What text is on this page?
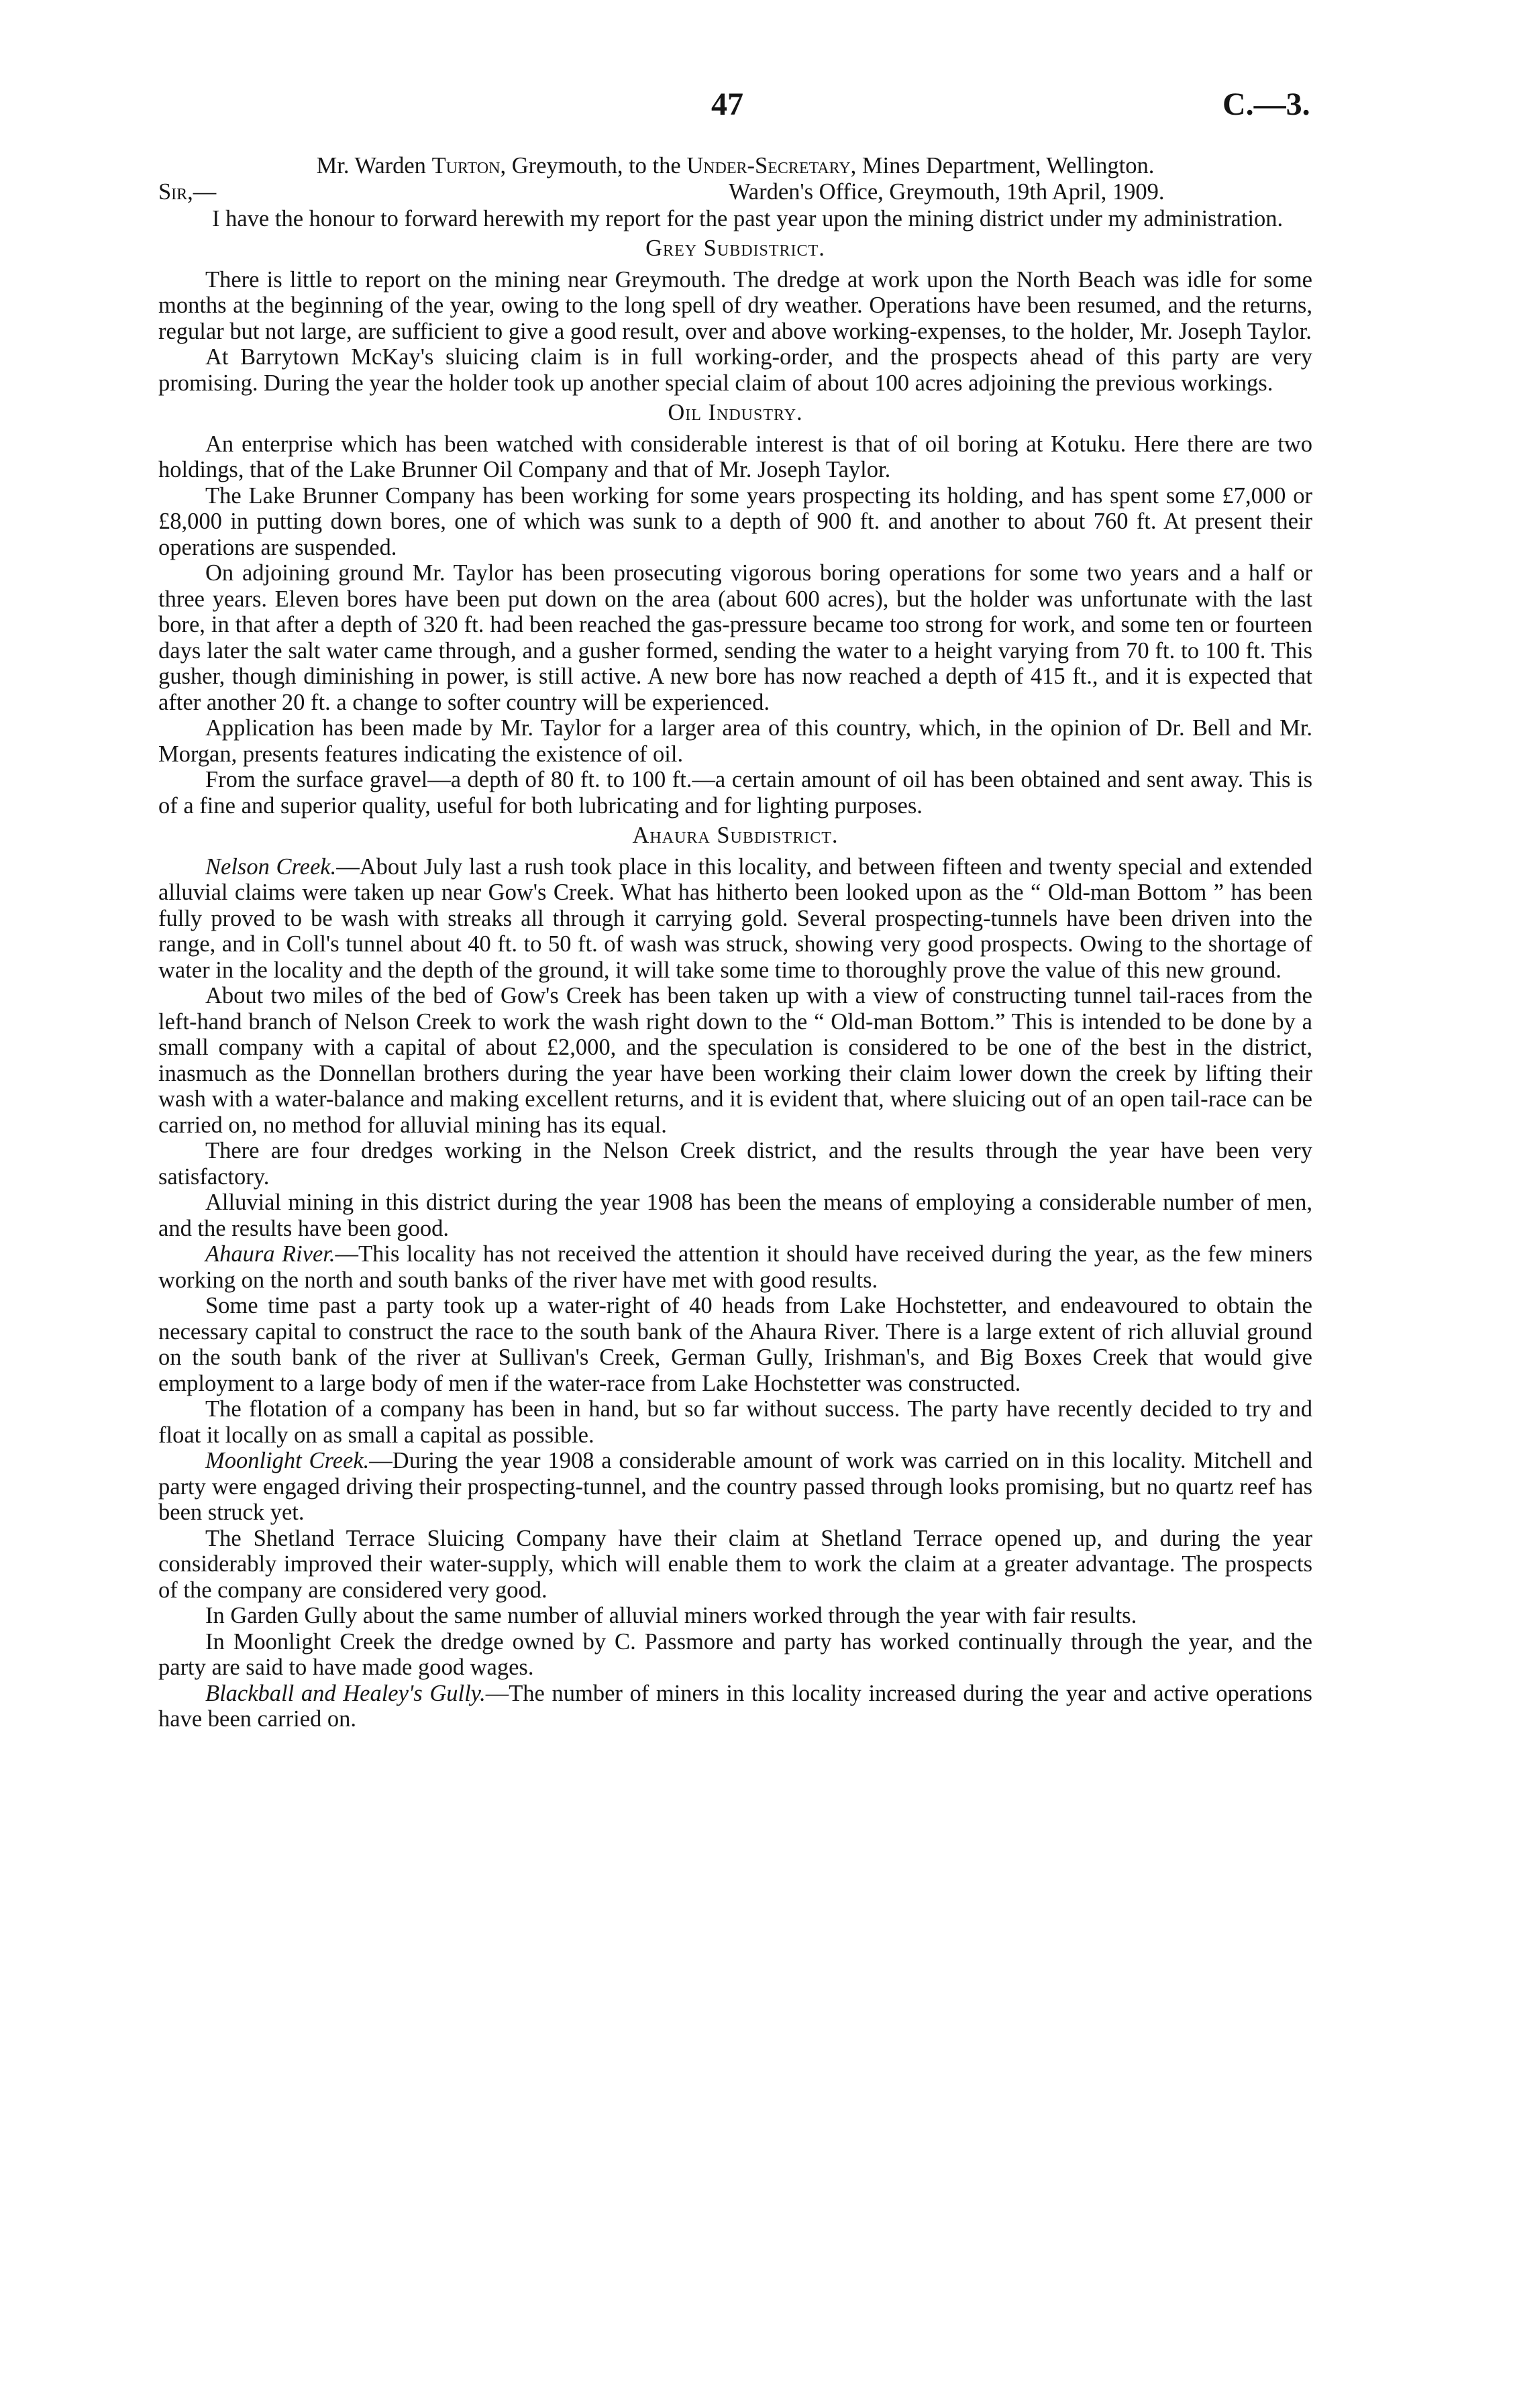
47	C.—3.

Mr. Warden Turton, Greymouth, to the Under-Secretary, Mines Department, Wellington.

Sir,—	Warden's Office, Greymouth, 19th April, 1909.

I have the honour to forward herewith my report for the past year upon the mining district under my administration.

Grey Subdistrict.

There is little to report on the mining near Greymouth. The dredge at work upon the North Beach was idle for some months at the beginning of the year, owing to the long spell of dry weather. Operations have been resumed, and the returns, regular but not large, are sufficient to give a good result, over and above working-expenses, to the holder, Mr. Joseph Taylor.

At Barrytown McKay's sluicing claim is in full working-order, and the prospects ahead of this party are very promising. During the year the holder took up another special claim of about 100 acres adjoining the previous workings.

Oil Industry.

An enterprise which has been watched with considerable interest is that of oil boring at Kotuku. Here there are two holdings, that of the Lake Brunner Oil Company and that of Mr. Joseph Taylor.

The Lake Brunner Company has been working for some years prospecting its holding, and has spent some £7,000 or £8,000 in putting down bores, one of which was sunk to a depth of 900 ft. and another to about 760 ft. At present their operations are suspended.

On adjoining ground Mr. Taylor has been prosecuting vigorous boring operations for some two years and a half or three years. Eleven bores have been put down on the area (about 600 acres), but the holder was unfortunate with the last bore, in that after a depth of 320 ft. had been reached the gas-pressure became too strong for work, and some ten or fourteen days later the salt water came through, and a gusher formed, sending the water to a height varying from 70 ft. to 100 ft. This gusher, though diminishing in power, is still active. A new bore has now reached a depth of 415 ft., and it is expected that after another 20 ft. a change to softer country will be experienced.

Application has been made by Mr. Taylor for a larger area of this country, which, in the opinion of Dr. Bell and Mr. Morgan, presents features indicating the existence of oil.

From the surface gravel—a depth of 80 ft. to 100 ft.—a certain amount of oil has been obtained and sent away. This is of a fine and superior quality, useful for both lubricating and for lighting purposes.

Ahaura Subdistrict.

Nelson Creek.—About July last a rush took place in this locality, and between fifteen and twenty special and extended alluvial claims were taken up near Gow's Creek. What has hitherto been looked upon as the “ Old-man Bottom ” has been fully proved to be wash with streaks all through it carrying gold. Several prospecting-tunnels have been driven into the range, and in Coll's tunnel about 40 ft. to 50 ft. of wash was struck, showing very good prospects. Owing to the shortage of water in the locality and the depth of the ground, it will take some time to thoroughly prove the value of this new ground.

About two miles of the bed of Gow's Creek has been taken up with a view of constructing tunnel tail-races from the left-hand branch of Nelson Creek to work the wash right down to the “ Old-man Bottom.” This is intended to be done by a small company with a capital of about £2,000, and the speculation is considered to be one of the best in the district, inasmuch as the Donnellan brothers during the year have been working their claim lower down the creek by lifting their wash with a water-balance and making excellent returns, and it is evident that, where sluicing out of an open tail-race can be carried on, no method for alluvial mining has its equal.

There are four dredges working in the Nelson Creek district, and the results through the year have been very satisfactory.

Alluvial mining in this district during the year 1908 has been the means of employing a considerable number of men, and the results have been good.

Ahaura River.—This locality has not received the attention it should have received during the year, as the few miners working on the north and south banks of the river have met with good results.

Some time past a party took up a water-right of 40 heads from Lake Hochstetter, and endeavoured to obtain the necessary capital to construct the race to the south bank of the Ahaura River. There is a large extent of rich alluvial ground on the south bank of the river at Sullivan's Creek, German Gully, Irishman's, and Big Boxes Creek that would give employment to a large body of men if the water-race from Lake Hochstetter was constructed.

The flotation of a company has been in hand, but so far without success. The party have recently decided to try and float it locally on as small a capital as possible.

Moonlight Creek.—During the year 1908 a considerable amount of work was carried on in this locality. Mitchell and party were engaged driving their prospecting-tunnel, and the country passed through looks promising, but no quartz reef has been struck yet.

The Shetland Terrace Sluicing Company have their claim at Shetland Terrace opened up, and during the year considerably improved their water-supply, which will enable them to work the claim at a greater advantage. The prospects of the company are considered very good.

In Garden Gully about the same number of alluvial miners worked through the year with fair results.

In Moonlight Creek the dredge owned by C. Passmore and party has worked continually through the year, and the party are said to have made good wages.

Blackball and Healey's Gully.—The number of miners in this locality increased during the year and active operations have been carried on.
